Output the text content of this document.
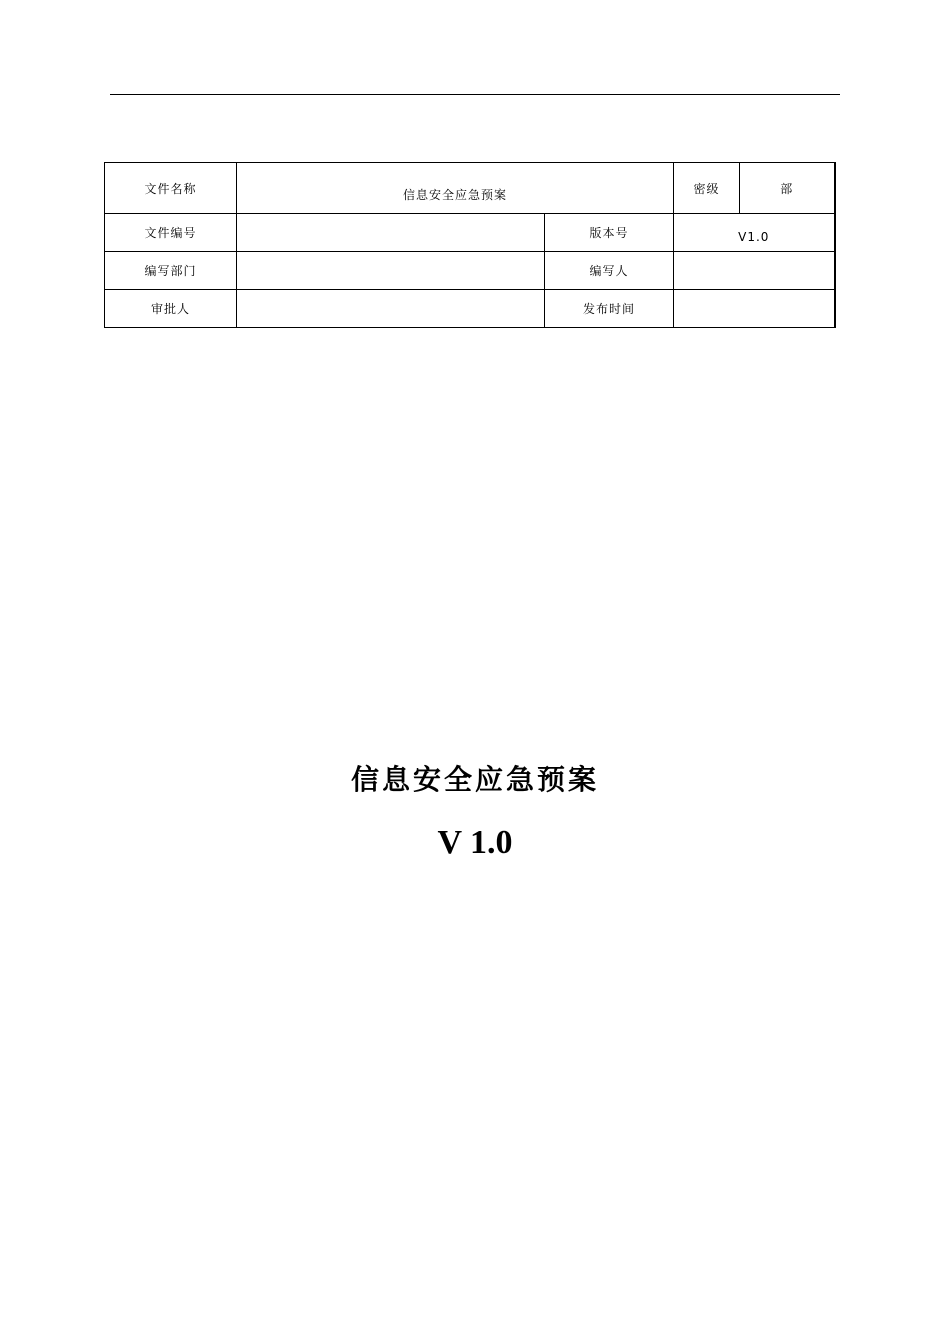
文件名称	信息安全应急预案		密级	部
文件编号		版本号	V1.0	
编写部门		编写人		
审批人		发布时间		
信息安全应急预案
V 1.0
